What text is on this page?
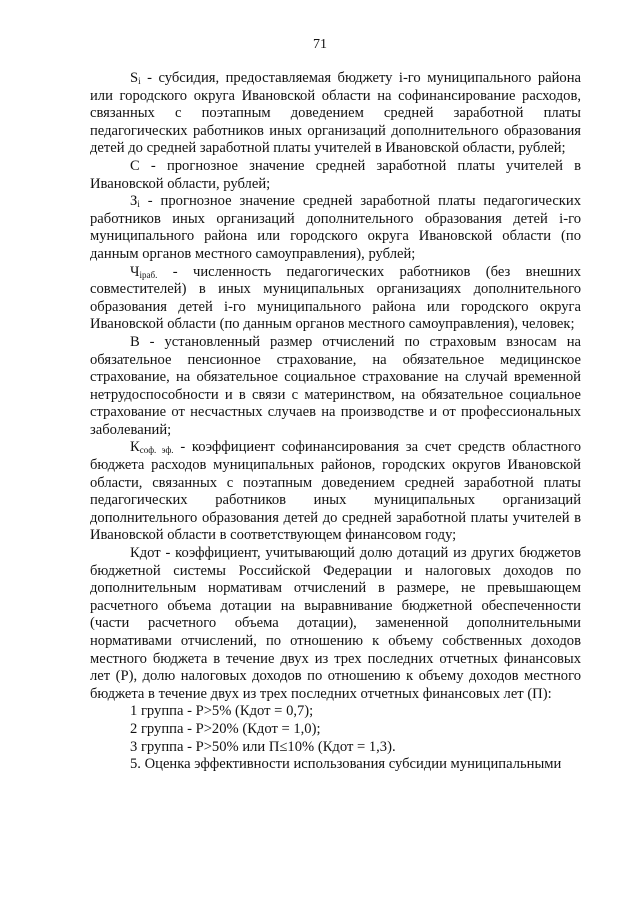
71

$S_i$ - субсидия, предоставляемая бюджету i-го муниципального района или городского округа Ивановской области на софинансирование расходов, связанных с поэтапным доведением средней заработной платы педагогических работников иных организаций дополнительного образования детей до средней заработной платы учителей в Ивановской области, рублей;

С - прогнозное значение средней заработной платы учителей в Ивановской области, рублей;

$З_i$ - прогнозное значение средней заработной платы педагогических работников иных организаций дополнительного образования детей i-го муниципального района или городского округа Ивановской области (по данным органов местного самоуправления), рублей;

$Ч_{iраб.}$ - численность педагогических работников (без внешних совместителей) в иных муниципальных организациях дополнительного образования детей i-го муниципального района или городского округа Ивановской области (по данным органов местного самоуправления), человек;

В - установленный размер отчислений по страховым взносам на обязательное пенсионное страхование, на обязательное медицинское страхование, на обязательное социальное страхование на случай временной нетрудоспособности и в связи с материнством, на обязательное социальное страхование от несчастных случаев на производстве и от профессиональных заболеваний;

$К_{соф. эф.}$ - коэффициент софинансирования за счет средств областного бюджета расходов муниципальных районов, городских округов Ивановской области, связанных с поэтапным доведением средней заработной платы педагогических работников иных муниципальных организаций дополнительного образования детей до средней заработной платы учителей в Ивановской области в соответствующем финансовом году;

Кдот - коэффициент, учитывающий долю дотаций из других бюджетов бюджетной системы Российской Федерации и налоговых доходов по дополнительным нормативам отчислений в размере, не превышающем расчетного объема дотации на выравнивание бюджетной обеспеченности (части расчетного объема дотации), замененной дополнительными нормативами отчислений, по отношению к объему собственных доходов местного бюджета в течение двух из трех последних отчетных финансовых лет (Р), долю налоговых доходов по отношению к объему доходов местного бюджета в течение двух из трех последних отчетных финансовых лет (П):

1 группа - Р>5% (Кдот = 0,7);

2 группа - Р>20% (Кдот = 1,0);

3 группа - Р>50% или П≤10% (Кдот = 1,3).

5. Оценка эффективности использования субсидии муниципальными
